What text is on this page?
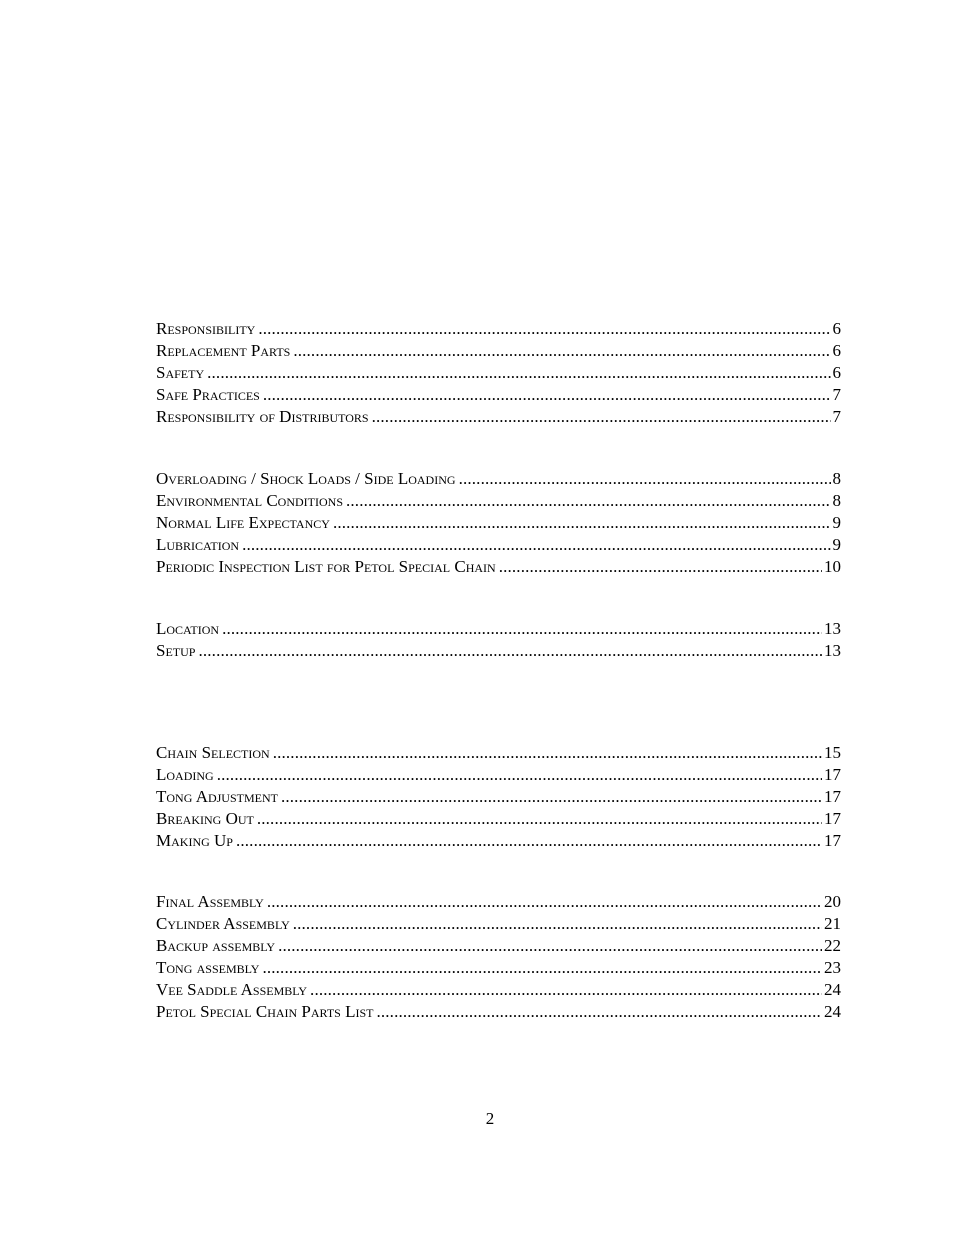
Responsibility . . .	6
Replacement Parts . . .	6
Safety . . .	6
Safe Practices . . .	7
Responsibility of Distributors . . .	7
Overloading / Shock Loads / Side Loading . . .	8
Environmental Conditions . . .	8
Normal Life Expectancy . . .	9
Lubrication . . .	9
Periodic Inspection List for Petol Special Chain . . .	10
Location . . .	13
Setup . . .	13
Chain Selection . . .	15
Loading . . .	17
Tong Adjustment . . .	17
Breaking Out . . .	17
Making Up . . .	17
Final Assembly . . .	20
Cylinder Assembly . . .	21
Backup assembly . . .	22
Tong assembly . . .	23
Vee Saddle Assembly . . .	24
Petol Special Chain Parts List . . .	24
2
